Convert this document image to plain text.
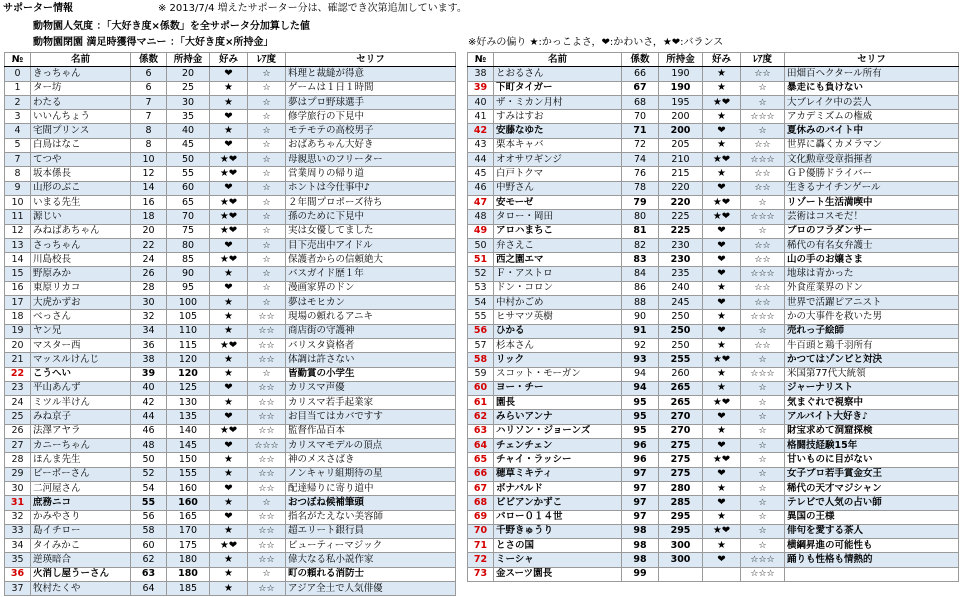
サポーター情報	※ 2013/7/4 増えたサポーター分は、確認でき次第追加しています。
動物園人気度 ：「大好き度×係数」を全サポータ分加算した値
動物園閉園 満足時獲得マニー ：「大好き度×所持金」	※好みの偏り ★:かっこよさ，❤:かわいさ，★❤:バランス
№	名前	係数	所持金	好み	ﾚｱ度	セリフ
0	きっちゃん	6	20	❤	☆	料理と裁縫が得意
1	ター坊	6	25	★	☆	ゲームは１日１時間
2	わたる	7	30	★	☆	夢はプロ野球選手
3	いいんちょう	7	35	❤	☆	修学旅行の下見中
4	宅間プリンス	8	40	★	☆	モテモテの高校男子
5	白鳥はなこ	8	45	❤	☆	おばあちゃん大好き
7	てつや	10	50	★❤	☆	母親思いのフリーター
8	坂本係長	12	55	★❤	☆	営業周りの帰り道
9	山形のぶこ	14	60	❤	☆	ホントは今仕事中♪
10	いまる先生	16	65	★❤	☆	２年間プロポーズ待ち
11	源じい	18	70	★❤	☆	孫のために下見中
12	みねばあちゃん	20	75	★❤	☆	実は女優してました
13	さっちゃん	22	80	❤	☆	目下売出中アイドル
14	川島校長	24	85	★❤	☆	保護者からの信頼絶大
15	野原みか	26	90	★	☆	バスガイド歴１年
16	東原リカコ	28	95	❤	☆	漫画家界のドン
17	大虎かずお	30	100	★	☆	夢はモヒカン
18	べっさん	32	105	★	☆☆	現場の頼れるアニキ
19	ヤン兄	34	110	★	☆☆	商店街の守護神
20	マスター西	36	115	★❤	☆☆	バリスタ資格者
21	マッスルけんじ	38	120	★	☆☆	体調は許さない
22	こうへい	39	120	★	☆	皆勤賞の小学生
23	平山あんず	40	125	❤	☆☆	カリスマ声優
24	ミツル半けん	42	130	★	☆☆	カリスマ若手起業家
25	みね京子	44	135	❤	☆☆	お目当てはカバですす
26	法澤アヤラ	46	140	★❤	☆☆	監督作品百本
27	カニーちゃん	48	145	❤	☆☆☆	カリスマモデルの頂点
28	ほんま先生	50	150	★	☆☆	神のメスさばき
29	ビーボーさん	52	155	★	☆☆	ノンキャリ組期待の星
30	二河屋さん	54	160	❤	☆☆	配達帰りに寄り道中
31	庶務ニコ	55	160	★	☆	おつぼね候補筆頭
32	かみやさり	56	165	❤	☆☆	指名がたえない美容師
33	島イチロー	58	170	★	☆☆	超エリート銀行員
34	タイみかこ	60	175	★❤	☆☆	ビューティーマジック
35	逆瑛暗合	62	180	★	☆☆	偉大なる私小説作家
36	火消し屋うーさん	63	180	★	☆	町の頼れる消防士
37	牧村たくや	64	185	★	☆☆	アジア全土で人気俳優
№	名前	係数	所持金	好み	ﾚｱ度	セリフ
38	とおるさん	66	190	★	☆☆	田畑百ヘクタール所有
39	下町タイガー	67	190	★	☆	暴走にも負けない
40	ザ・ミカン月村	68	195	★❤	☆	大ブレイク中の芸人
41	すみはすお	70	200	★	☆☆☆	アカデミズムの権威
42	安藤なゆた	71	200	❤	☆	夏休みのバイト中
43	栗本キャバ	72	205	★	☆☆	世界に轟くカメラマン
44	オオサワギンジ	74	210	★❤	☆☆☆	文化勲章受章指揮者
45	白戸トクマ	76	215	★	☆☆	ＧＰ優勝ドライバー
46	中野さん	78	220	❤	☆☆	生きるナイチンゲール
47	安モーゼ	79	220	★❤	☆	リゾート生活満喫中
48	タロー・岡田	80	225	★❤	☆☆☆	芸術はコスモだ！
49	アロハまちこ	81	225	❤	☆	プロのフラダンサー
50	弁さえこ	82	230	❤	☆☆	稀代の有名女弁護士
51	西之園エマ	83	230	❤	☆☆	山の手のお嬢さま
52	Ｆ・アストロ	84	235	❤	☆☆☆	地球は青かった
53	ドン・コロン	86	240	★	☆☆	外食産業界のドン
54	中村かごめ	88	245	❤	☆☆	世界で活躍ピアニスト
55	ヒサマツ英樹	90	250	★	☆☆☆	かの大事件を救いた男
56	ひかる	91	250	❤	☆	売れっ子絵師
57	杉本さん	92	250	★	☆☆	牛百頭と鶏千羽所有
58	リック	93	255	★❤	☆	かつてはゾンビと対決
59	スコット・モーガン	94	260	★	☆☆☆	米国第77代大統領
60	ヨー・チー	94	265	★	☆	ジャーナリスト
61	園長	95	265	★❤	☆	気まぐれで視察中
62	みらいアンナ	95	270	❤	☆	アルバイト大好き♪
63	ハリソン・ジョーンズ	95	270	★	☆	財宝求めて洞窟探検
64	チェンチェン	96	275	❤	☆	格闘技経験15年
65	チャイ・ラッシー	96	275	★❤	☆	甘いものに目がない
66	穂草ミキティ	97	275	❤	☆	女子プロ若手賞金女王
67	ボナパルド	97	280	★	☆	稀代の天才マジシャン
68	ビビアンかずこ	97	285	❤	☆	テレビで人気の占い師
69	パロー０１４世	97	295	★	☆	異国の王様
70	千野きゅうり	98	295	★❤	☆	俳句を愛する茶人
71	とさの国	98	300	★	☆	横綱昇進の可能性も
72	ミーシャ	98	300	❤	☆☆☆	踊りも性格も情熱的
73	金スーツ園長	99			☆☆☆	
